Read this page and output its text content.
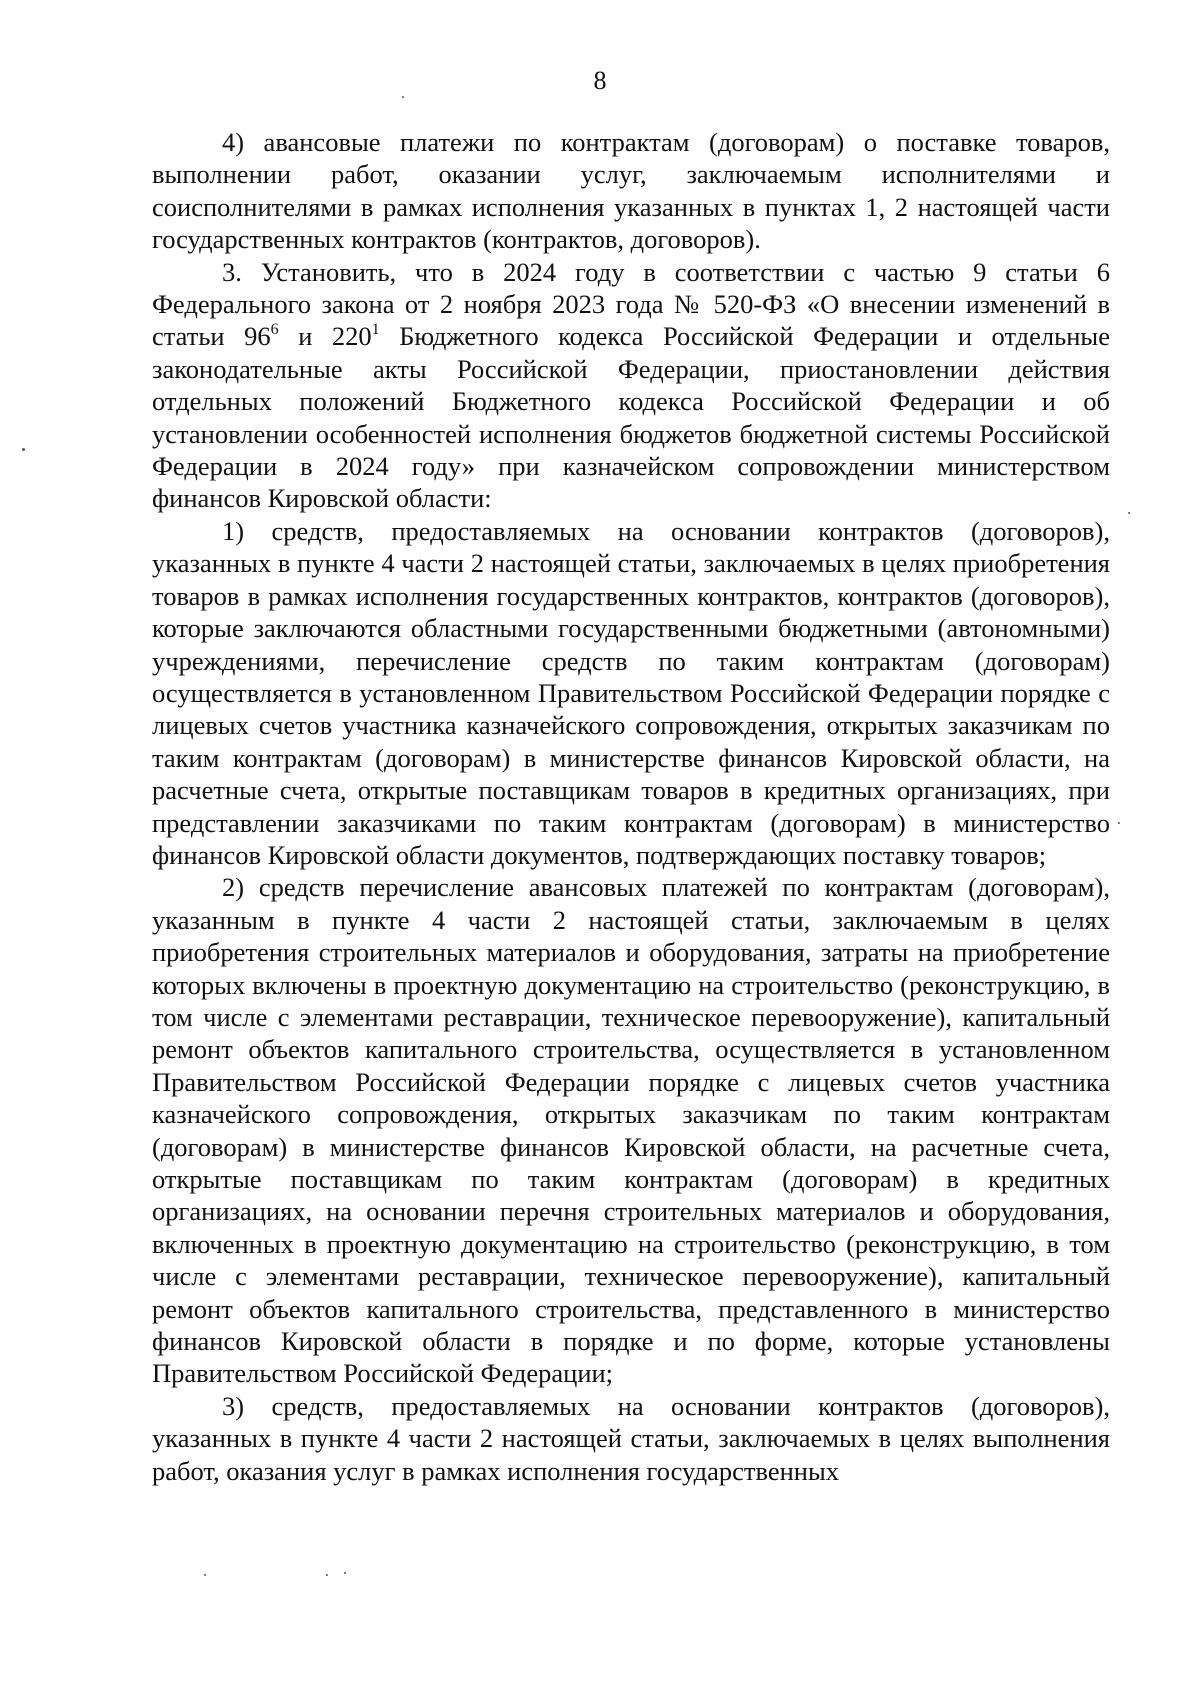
8

4) авансовые платежи по контрактам (договорам) о поставке товаров, выполнении работ, оказании услуг, заключаемым исполнителями и соисполнителями в рамках исполнения указанных в пунктах 1, 2 настоящей части государственных контрактов (контрактов, договоров).

3. Установить, что в 2024 году в соответствии с частью 9 статьи 6 Федерального закона от 2 ноября 2023 года № 520-ФЗ «О внесении изменений в статьи $96^6$ и $220^1$ Бюджетного кодекса Российской Федерации и отдельные законодательные акты Российской Федерации, приостановлении действия отдельных положений Бюджетного кодекса Российской Федерации и об установлении особенностей исполнения бюджетов бюджетной системы Российской Федерации в 2024 году» при казначейском сопровождении министерством финансов Кировской области:

1) средств, предоставляемых на основании контрактов (договоров), указанных в пункте 4 части 2 настоящей статьи, заключаемых в целях приобретения товаров в рамках исполнения государственных контрактов, контрактов (договоров), которые заключаются областными государственными бюджетными (автономными) учреждениями, перечисление средств по таким контрактам (договорам) осуществляется в установленном Правительством Российской Федерации порядке с лицевых счетов участника казначейского сопровождения, открытых заказчикам по таким контрактам (договорам) в министерстве финансов Кировской области, на расчетные счета, открытые поставщикам товаров в кредитных организациях, при представлении заказчиками по таким контрактам (договорам) в министерство финансов Кировской области документов, подтверждающих поставку товаров;

2) средств перечисление авансовых платежей по контрактам (договорам), указанным в пункте 4 части 2 настоящей статьи, заключаемым в целях приобретения строительных материалов и оборудования, затраты на приобретение которых включены в проектную документацию на строительство (реконструкцию, в том числе с элементами реставрации, техническое перевооружение), капитальный ремонт объектов капитального строительства, осуществляется в установленном Правительством Российской Федерации порядке с лицевых счетов участника казначейского сопровождения, открытых заказчикам по таким контрактам (договорам) в министерстве финансов Кировской области, на расчетные счета, открытые поставщикам по таким контрактам (договорам) в кредитных организациях, на основании перечня строительных материалов и оборудования, включенных в проектную документацию на строительство (реконструкцию, в том числе с элементами реставрации, техническое перевооружение), капитальный ремонт объектов капитального строительства, представленного в министерство финансов Кировской области в порядке и по форме, которые установлены Правительством Российской Федерации;

3) средств, предоставляемых на основании контрактов (договоров), указанных в пункте 4 части 2 настоящей статьи, заключаемых в целях выполнения работ, оказания услуг в рамках исполнения государственных
